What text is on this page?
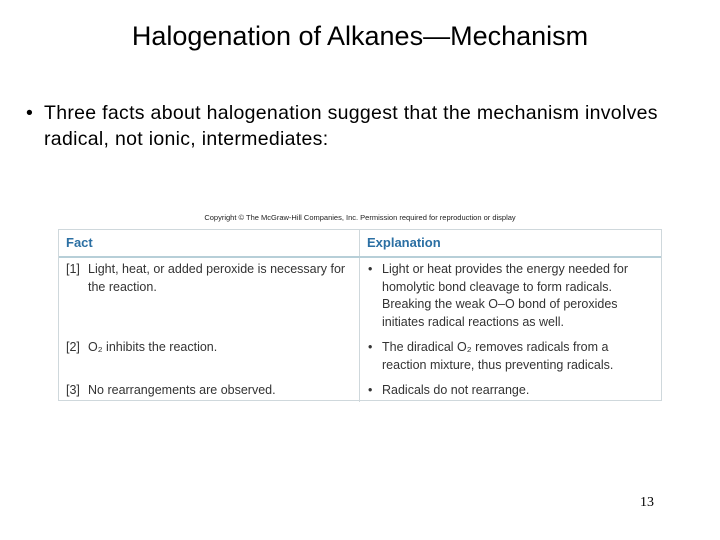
Halogenation of Alkanes—Mechanism
• Three facts about halogenation suggest that the mechanism involves radical, not ionic, intermediates:
Copyright © The McGraw-Hill Companies, Inc. Permission required for reproduction or display
Fact	Explanation
[1] Light, heat, or added peroxide is necessary for the reaction.
[2] O₂ inhibits the reaction.
[3] No rearrangements are observed.
• Light or heat provides the energy needed for homolytic bond cleavage to form radicals. Breaking the weak O–O bond of peroxides initiates radical reactions as well.
• The diradical O₂ removes radicals from a reaction mixture, thus preventing radicals.
• Radicals do not rearrange.
13
